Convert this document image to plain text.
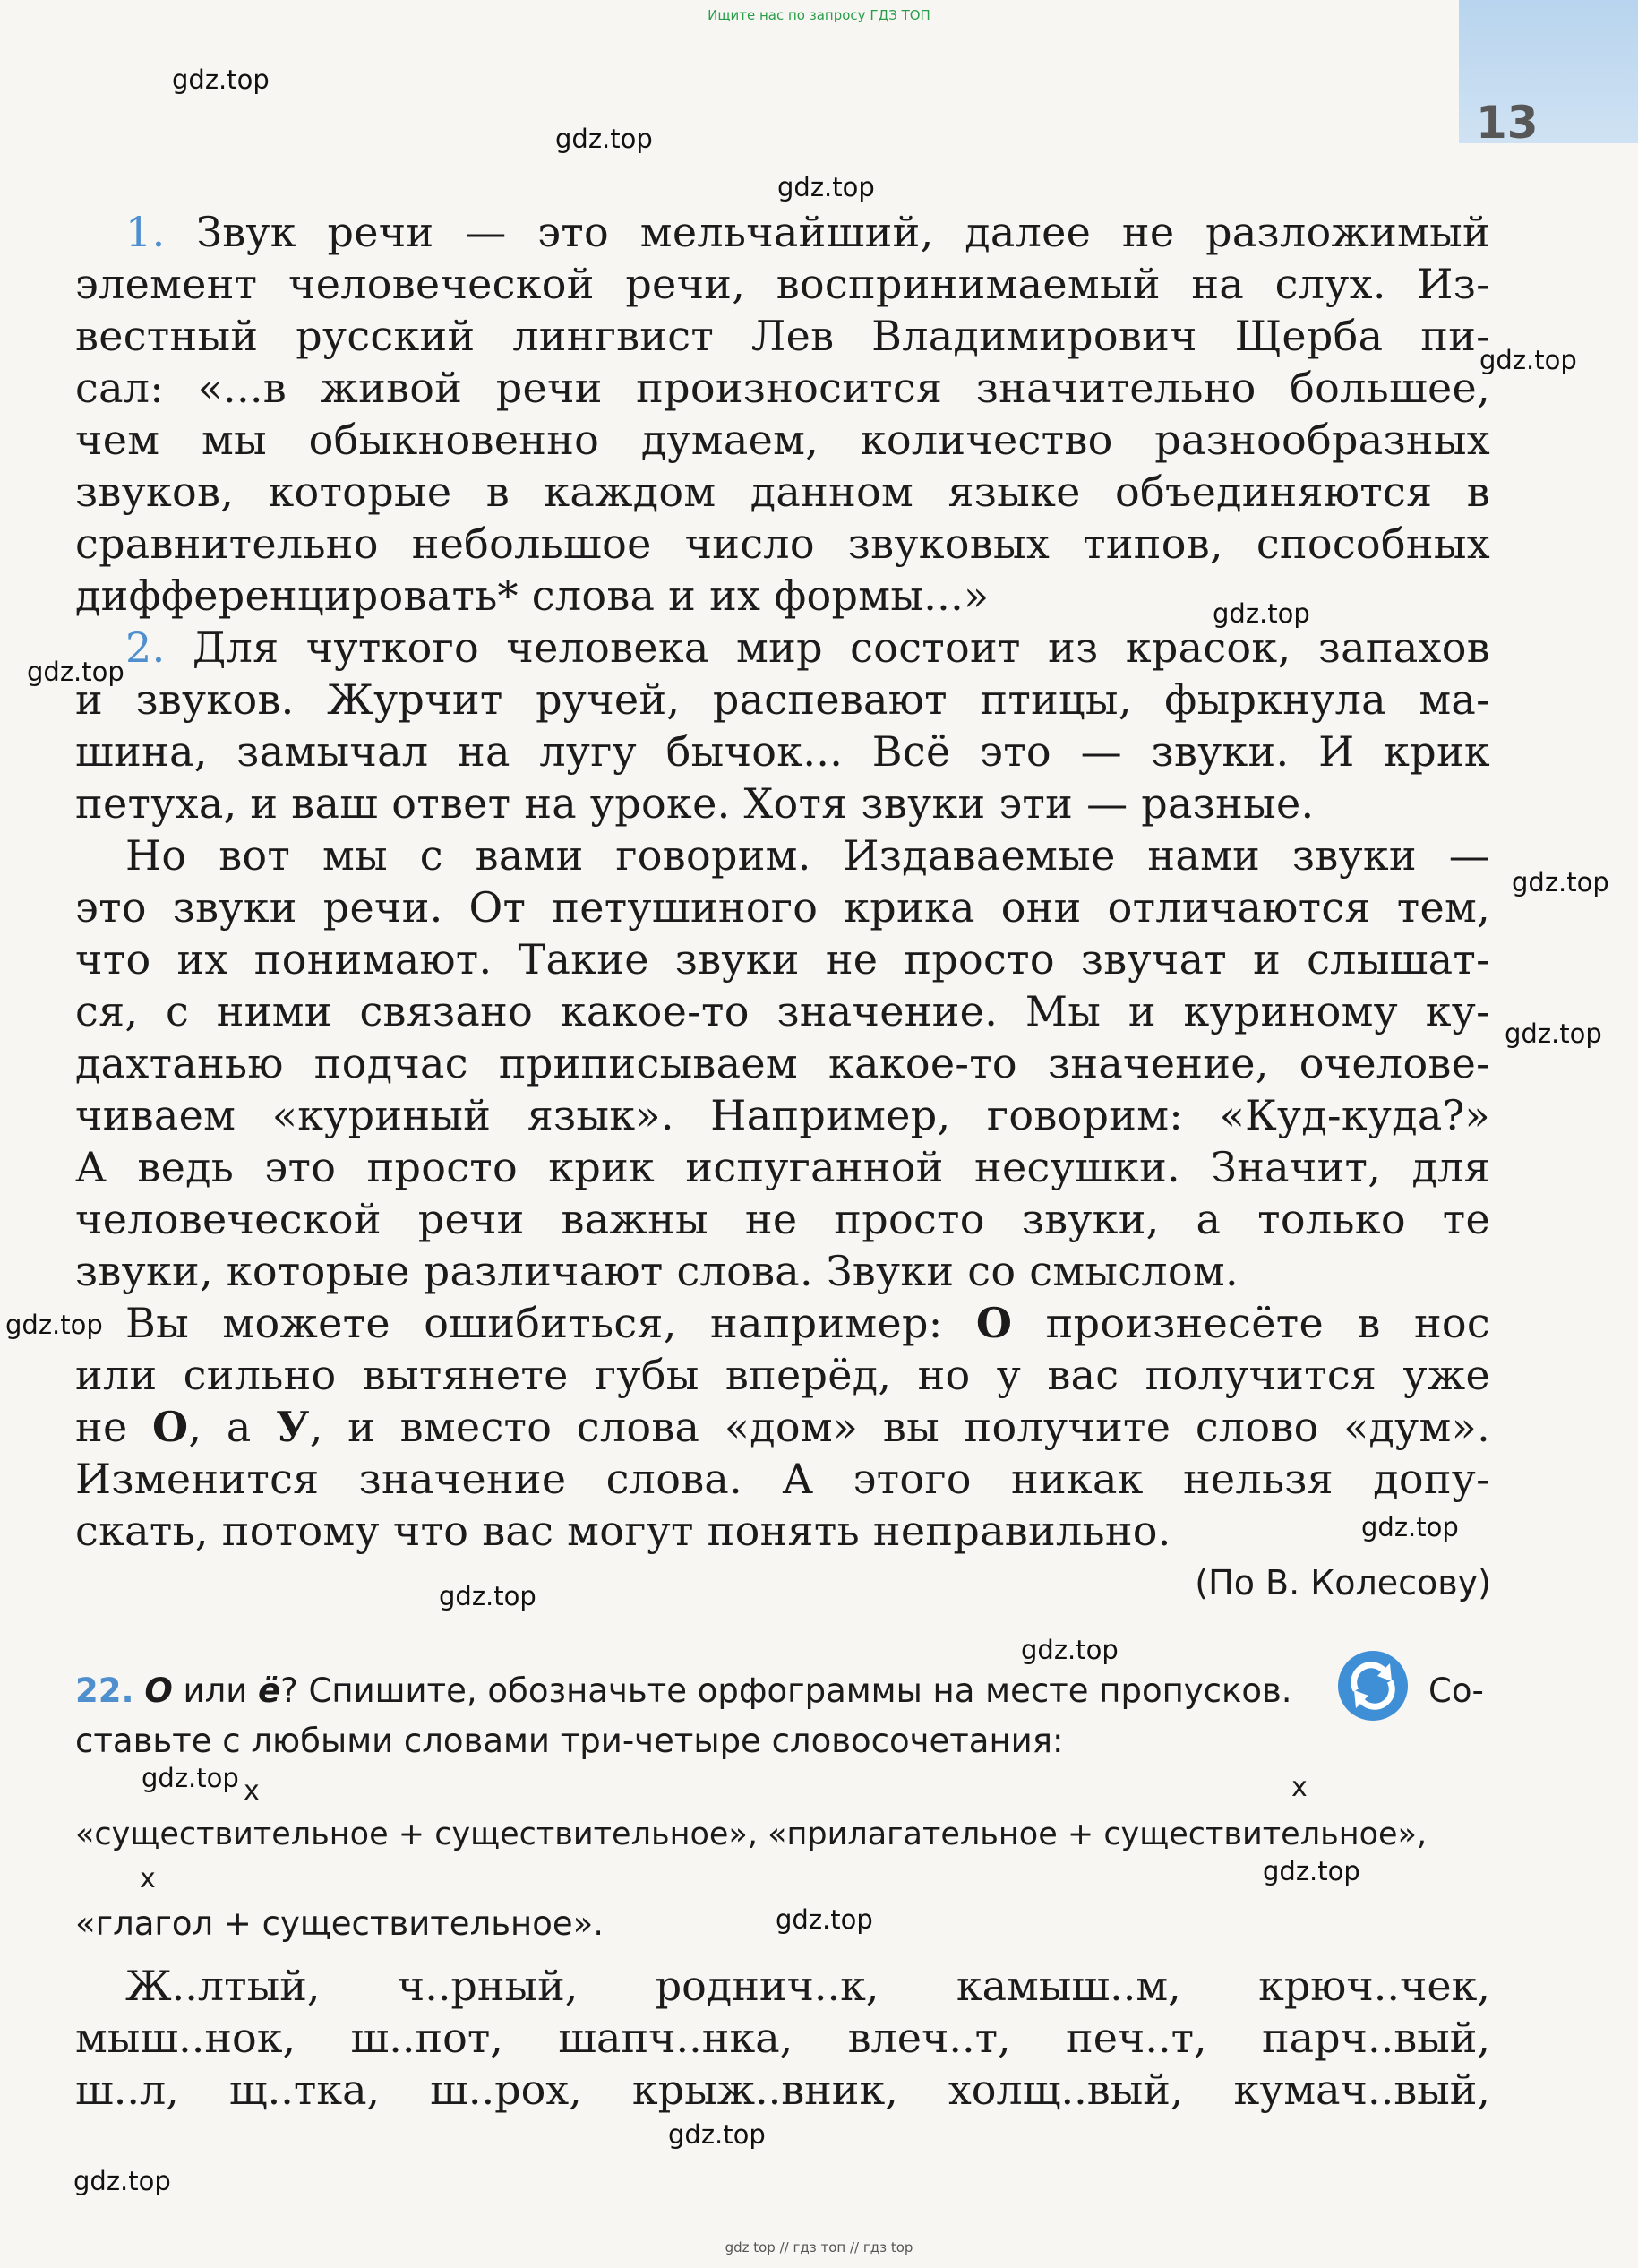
Ищите нас по запросу ГДЗ ТОП
13
gdz.top
gdz.top
gdz.top
gdz.top
gdz.top
gdz.top
gdz.top
gdz.top
gdz.top
gdz.top
gdz.top
gdz.top
gdz.top
gdz.top
gdz.top
gdz.top
gdz.top
1. Звук речи — это мельчайший, далее не разложимый
элемент человеческой речи, воспринимаемый на слух. Из-
вестный русский лингвист Лев Владимирович Щерба пи-
сал: «...в живой речи произносится значительно большее,
чем мы обыкновенно думаем, количество разнообразных
звуков, которые в каждом данном языке объединяются в
сравнительно небольшое число звуковых типов, способных
дифференцировать* слова и их формы...»
2. Для чуткого человека мир состоит из красок, запахов
и звуков. Журчит ручей, распевают птицы, фыркнула ма-
шина, замычал на лугу бычок... Всё это — звуки. И крик
петуха, и ваш ответ на уроке. Хотя звуки эти — разные.
Но вот мы с вами говорим. Издаваемые нами звуки —
это звуки речи. От петушиного крика они отличаются тем,
что их понимают. Такие звуки не просто звучат и слышат-
ся, с ними связано какое-то значение. Мы и куриному ку-
дахтанью подчас приписываем какое-то значение, очелове-
чиваем «куриный язык». Например, говорим: «Куд-куда?»
А ведь это просто крик испуганной несушки. Значит, для
человеческой речи важны не просто звуки, а только те
звуки, которые различают слова. Звуки со смыслом.
Вы можете ошибиться, например: О произнесёте в нос
или сильно вытянете губы вперёд, но у вас получится уже
не О, а У, и вместо слова «дом» вы получите слово «дум».
Изменится значение слова. А этого никак нельзя допу-
скать, потому что вас могут понять неправильно.
(По В. Колесову)
22. О или ё? Спишите, обозначьте орфограммы на месте пропусков.
ставьте с любыми словами три-четыре словосочетания:
Со-
x	x
x
«существительное + существительное», «прилагательное + существительное»,
«глагол + существительное».
Ж..лтый, ч..рный, роднич..к, камыш..м, крюч..чек,
мыш..нок, ш..пот, шапч..нка, влеч..т, печ..т, парч..вый,
ш..л, щ..тка, ш..рох, крыж..вник, холщ..вый, кумач..вый,
gdz top // гдз топ // гдз top
